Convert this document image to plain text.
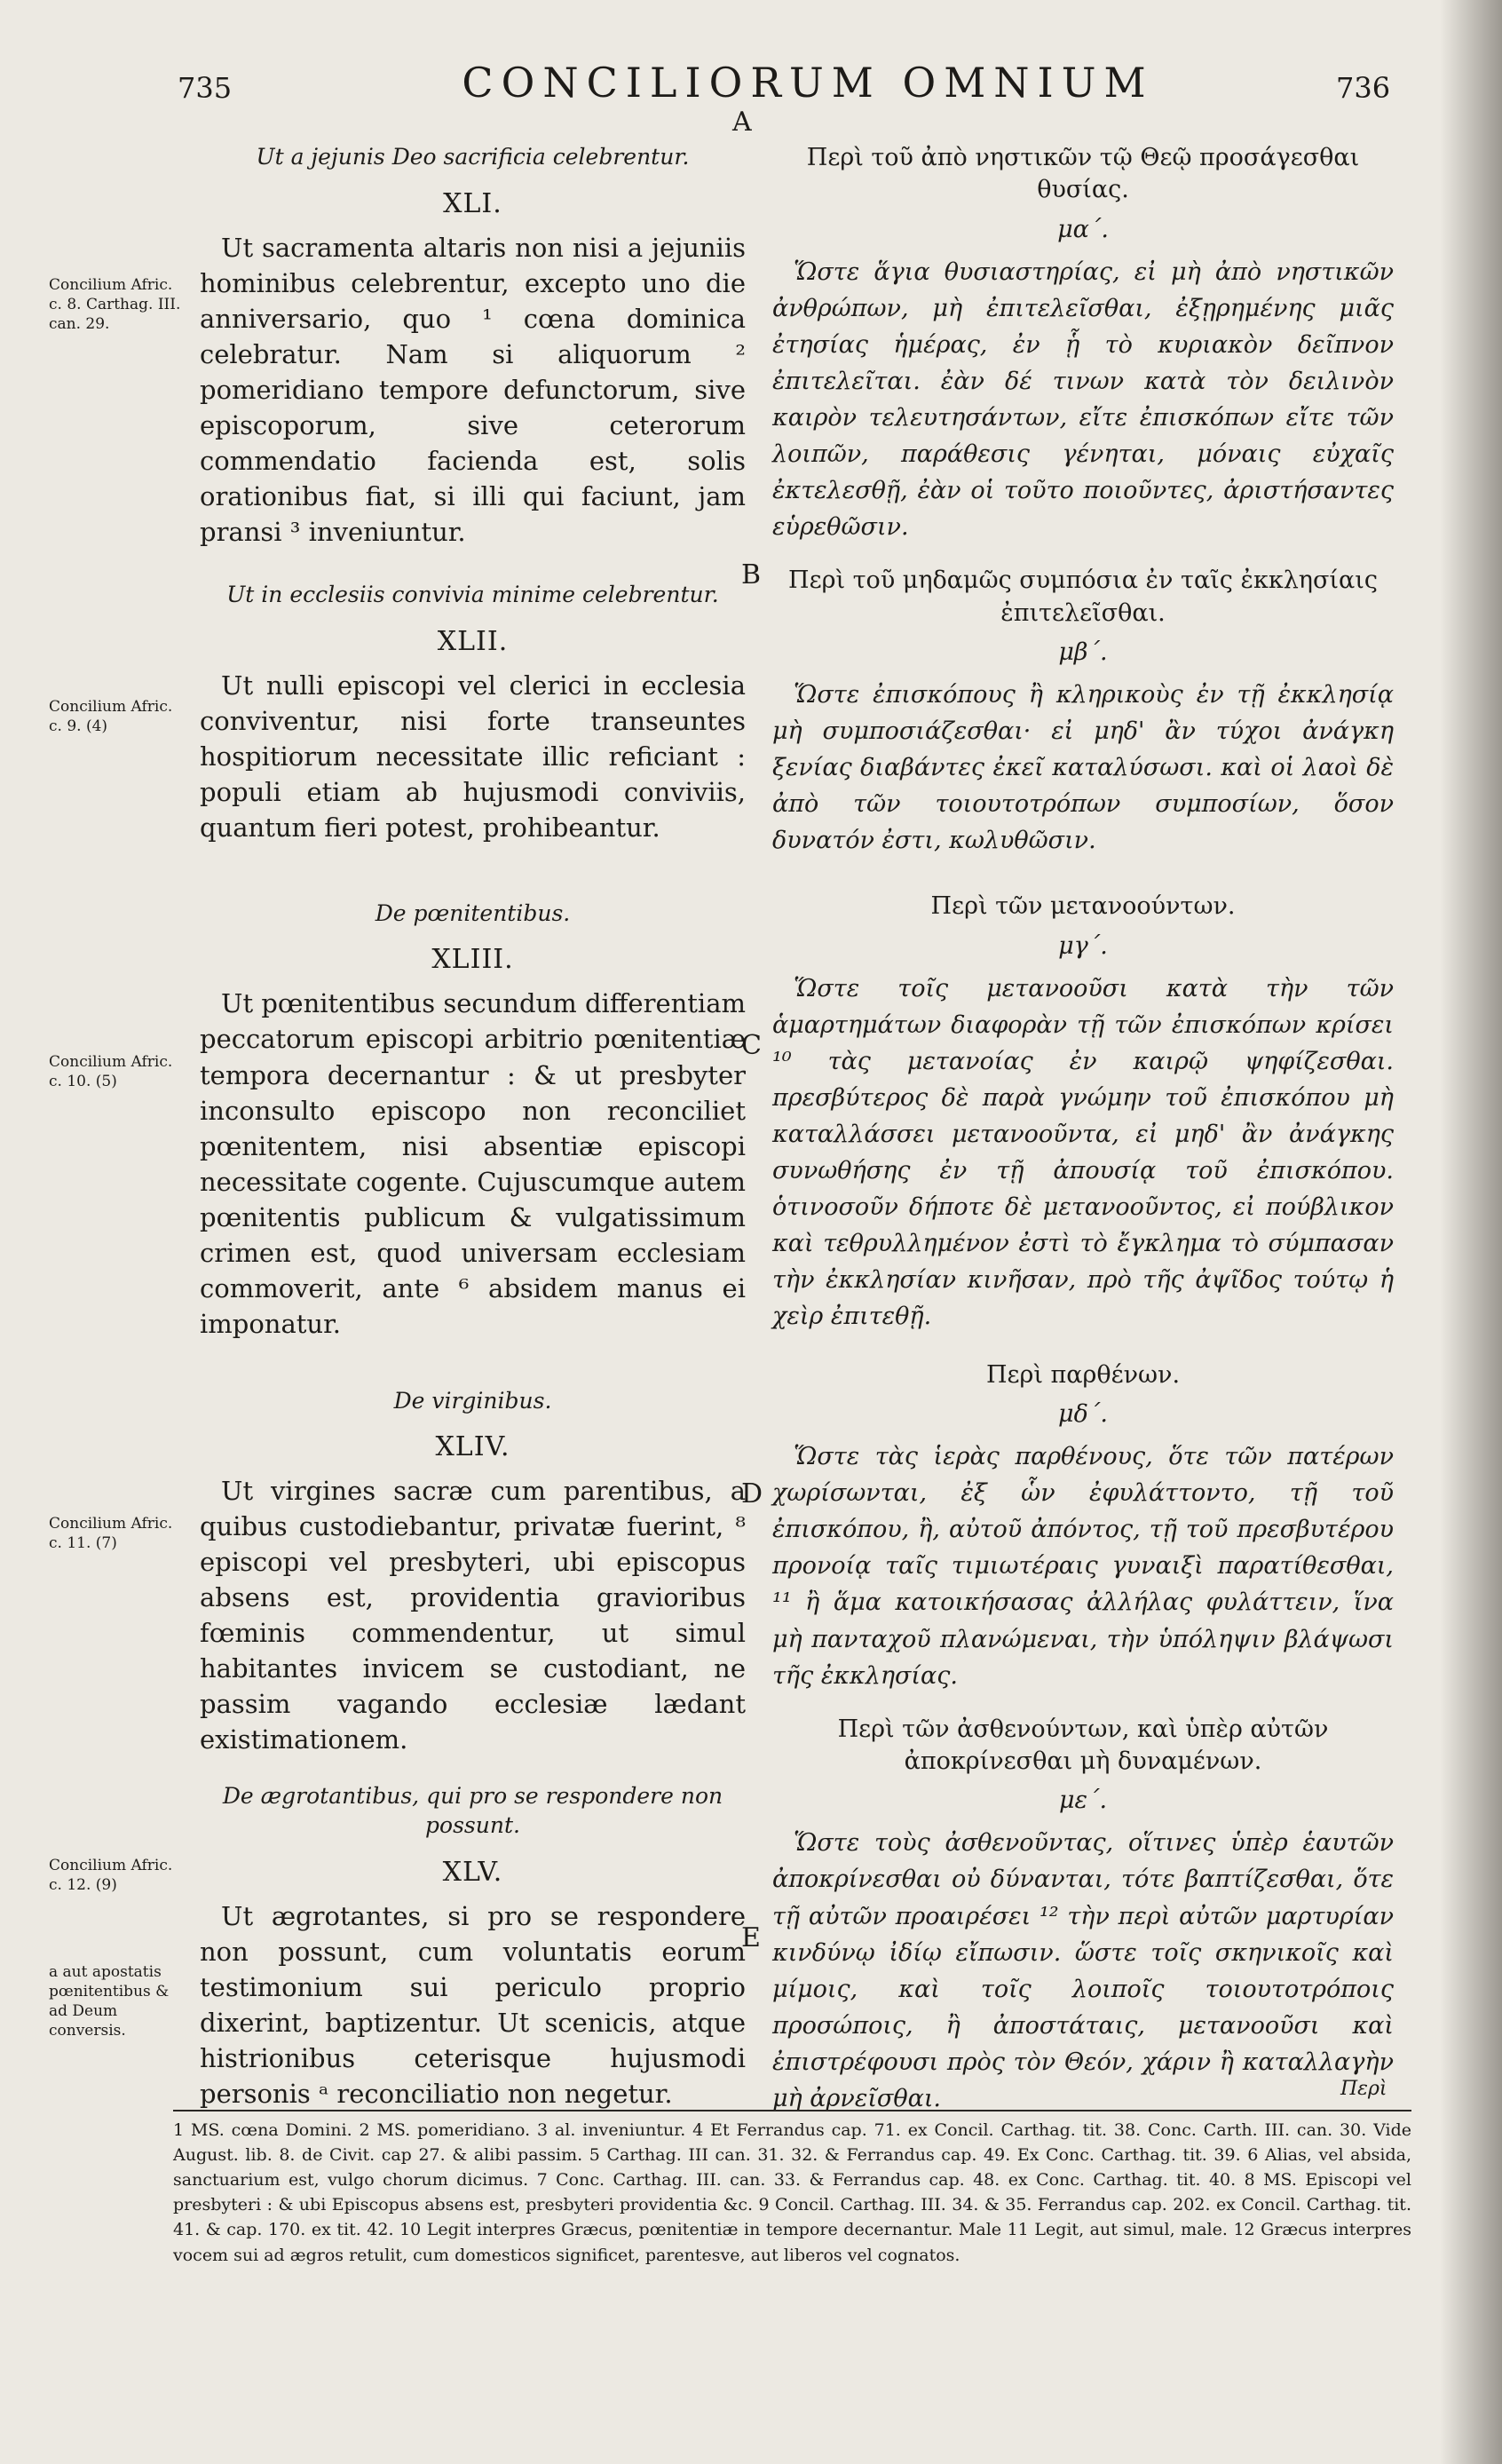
735	CONCILIORUM OMNIUM	736
A
Concilium Afric. c. 8. Carthag. III. can. 29.
Concilium Afric. c. 9. (4)
Concilium Afric. c. 10. (5)
Concilium Afric. c. 11. (7)
Concilium Afric. c. 12. (9)
a aut apostatis pœnitentibus & ad Deum conversis.
B
C
D
E

Ut a jejunis Deo sacrificia celebrentur.

XLI.

Ut sacramenta altaris non nisi a jejuniis hominibus celebrentur, excepto uno die anniversario, quo ¹ cœna dominica celebratur. Nam si aliquorum ² pomeridiano tempore defunctorum, sive episcoporum, sive ceterorum commendatio facienda est, solis orationibus fiat, si illi qui faciunt, jam pransi ³ inveniuntur.

Ut in ecclesiis convivia minime celebrentur.

XLII.

Ut nulli episcopi vel clerici in ecclesia conviventur, nisi forte transeuntes hospitiorum necessitate illic reficiant : populi etiam ab hujusmodi conviviis, quantum fieri potest, prohibeantur.

De pœnitentibus.

XLIII.

Ut pœnitentibus secundum differentiam peccatorum episcopi arbitrio pœnitentiæ tempora decernantur : & ut presbyter inconsulto episcopo non reconciliet pœnitentem, nisi absentiæ episcopi necessitate cogente. Cujuscumque autem pœnitentis publicum & vulgatissimum crimen est, quod universam ecclesiam commoverit, ante ⁶ absidem manus ei imponatur.

De virginibus.

XLIV.

Ut virgines sacræ cum parentibus, a quibus custodiebantur, privatæ fuerint, ⁸ episcopi vel presbyteri, ubi episcopus absens est, providentia gravioribus fœminis commendentur, ut simul habitantes invicem se custodiant, ne passim vagando ecclesiæ lædant existimationem.

De ægrotantibus, qui pro se respondere non possunt.

XLV.

Ut ægrotantes, si pro se respondere non possunt, cum voluntatis eorum testimonium sui periculo proprio dixerint, baptizentur. Ut scenicis, atque histrionibus ceterisque hujusmodi personis ᵃ reconciliatio non negetur.

Περὶ τοῦ ἀπὸ νηστικῶν τῷ Θεῷ προσάγεσθαι θυσίας.

μα΄.

Ὥστε ἅγια θυσιαστηρίας, εἰ μὴ ἀπὸ νηστικῶν ἀνθρώπων, μὴ ἐπιτελεῖσθαι, ἐξῃρημένης μιᾶς ἐτησίας ἡμέρας, ἐν ᾗ τὸ κυριακὸν δεῖπνον ἐπιτελεῖται. ἐὰν δέ τινων κατὰ τὸν δειλινὸν καιρὸν τελευτησάντων, εἴτε ἐπισκόπων εἴτε τῶν λοιπῶν, παράθεσις γένηται, μόναις εὐχαῖς ἐκτελεσθῇ, ἐὰν οἱ τοῦτο ποιοῦντες, ἀριστήσαντες εὑρεθῶσιν.

Περὶ τοῦ μηδαμῶς συμπόσια ἐν ταῖς ἐκκλησίαις ἐπιτελεῖσθαι.

μβ΄.

Ὥστε ἐπισκόπους ἢ κληρικοὺς ἐν τῇ ἐκκλησίᾳ μὴ συμποσιάζεσθαι· εἰ μηδ' ἂν τύχοι ἀνάγκη ξενίας διαβάντες ἐκεῖ καταλύσωσι. καὶ οἱ λαοὶ δὲ ἀπὸ τῶν τοιουτοτρόπων συμποσίων, ὅσον δυνατόν ἐστι, κωλυθῶσιν.

Περὶ τῶν μετανοούντων.

μγ΄.

Ὥστε τοῖς μετανοοῦσι κατὰ τὴν τῶν ἁμαρτημάτων διαφορὰν τῇ τῶν ἐπισκόπων κρίσει ¹⁰ τὰς μετανοίας ἐν καιρῷ ψηφίζεσθαι. πρεσβύτερος δὲ παρὰ γνώμην τοῦ ἐπισκόπου μὴ καταλλάσσει μετανοοῦντα, εἰ μηδ' ἂν ἀνάγκης συνωθήσης ἐν τῇ ἀπουσίᾳ τοῦ ἐπισκόπου. ὁτινοσοῦν δήποτε δὲ μετανοοῦντος, εἰ πούβλικον καὶ τεθρυλλημένον ἐστὶ τὸ ἔγκλημα τὸ σύμπασαν τὴν ἐκκλησίαν κινῆσαν, πρὸ τῆς ἀψῖδος τούτῳ ἡ χεὶρ ἐπιτεθῇ.

Περὶ παρθένων.

μδ΄.

Ὥστε τὰς ἱερὰς παρθένους, ὅτε τῶν πατέρων χωρίσωνται, ἐξ ὧν ἐφυλάττοντο, τῇ τοῦ ἐπισκόπου, ἢ, αὐτοῦ ἀπόντος, τῇ τοῦ πρεσβυτέρου προνοίᾳ ταῖς τιμιωτέραις γυναιξὶ παρατίθεσθαι, ¹¹ ἢ ἅμα κατοικήσασας ἀλλήλας φυλάττειν, ἵνα μὴ πανταχοῦ πλανώμεναι, τὴν ὑπόληψιν βλάψωσι τῆς ἐκκλησίας.

Περὶ τῶν ἀσθενούντων, καὶ ὑπὲρ αὐτῶν ἀποκρίνεσθαι μὴ δυναμένων.

με΄.

Ὥστε τοὺς ἀσθενοῦντας, οἵτινες ὑπὲρ ἑαυτῶν ἀποκρίνεσθαι οὐ δύνανται, τότε βαπτίζεσθαι, ὅτε τῇ αὐτῶν προαιρέσει ¹² τὴν περὶ αὐτῶν μαρτυρίαν κινδύνῳ ἰδίῳ εἴπωσιν. ὥστε τοῖς σκηνικοῖς καὶ μίμοις, καὶ τοῖς λοιποῖς τοιουτοτρόποις προσώποις, ἢ ἀποστάταις, μετανοοῦσι καὶ ἐπιστρέφουσι πρὸς τὸν Θεόν, χάριν ἢ καταλλαγὴν μὴ ἀρνεῖσθαι.	Περὶ
1 MS. cœna Domini. 2 MS. pomeridiano. 3 al. inveniuntur. 4 Et Ferrandus cap. 71. ex Concil. Carthag. tit. 38. Conc. Carth. III. can. 30. Vide August. lib. 8. de Civit. cap 27. & alibi passim. 5 Carthag. III can. 31. 32. & Ferrandus cap. 49. Ex Conc. Carthag. tit. 39. 6 Alias, vel absida, sanctuarium est, vulgo chorum dicimus. 7 Conc. Carthag. III. can. 33. & Ferrandus cap. 48. ex Conc. Carthag. tit. 40. 8 MS. Episcopi vel presbyteri : & ubi Episcopus absens est, presbyteri providentia &c. 9 Concil. Carthag. III. 34. & 35. Ferrandus cap. 202. ex Concil. Carthag. tit. 41. & cap. 170. ex tit. 42. 10 Legit interpres Græcus, pœnitentiæ in tempore decernantur. Male 11 Legit, aut simul, male. 12 Græcus interpres vocem sui ad ægros retulit, cum domesticos significet, parentesve, aut liberos vel cognatos.
